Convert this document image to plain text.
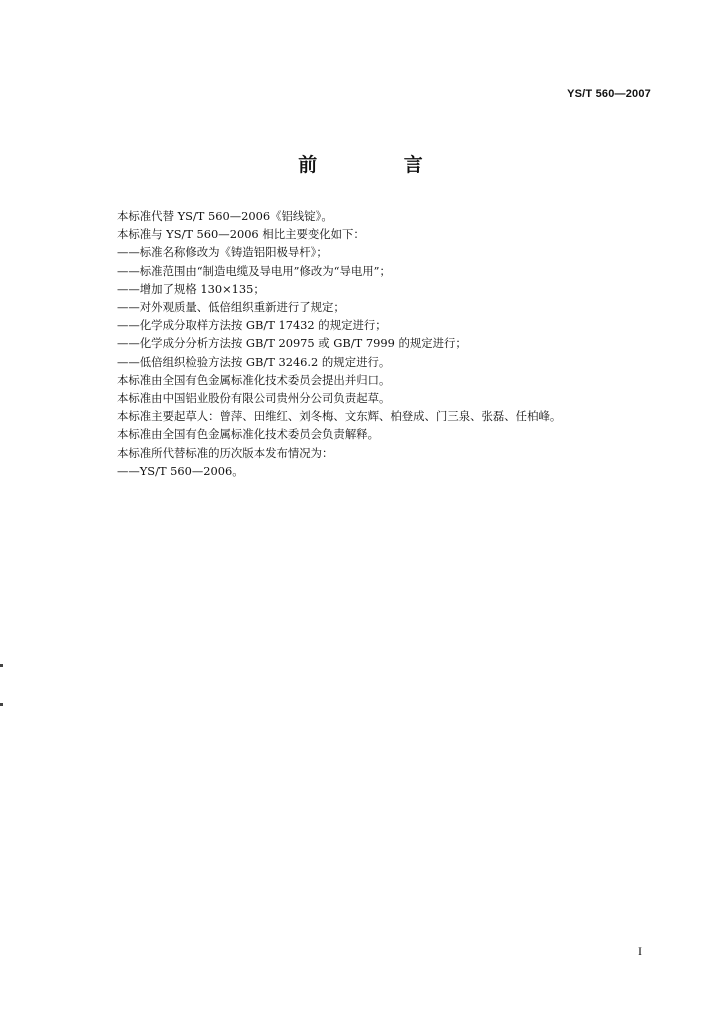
YS/T 560—2007
前 言
本标准代替 YS/T 560—2006《铝线锭》。
本标准与 YS/T 560—2006 相比主要变化如下：
——标准名称修改为《铸造铝阳极导杆》；
——标准范围由“制造电缆及导电用”修改为“导电用”；
——增加了规格 130×135；
——对外观质量、低倍组织重新进行了规定；
——化学成分取样方法按 GB/T 17432 的规定进行；
——化学成分分析方法按 GB/T 20975 或 GB/T 7999 的规定进行；
——低倍组织检验方法按 GB/T 3246.2 的规定进行。
本标准由全国有色金属标准化技术委员会提出并归口。
本标准由中国铝业股份有限公司贵州分公司负责起草。
本标准主要起草人：曾萍、田维红、刘冬梅、文东辉、柏登成、门三泉、张磊、任柏峰。
本标准由全国有色金属标准化技术委员会负责解释。
本标准所代替标准的历次版本发布情况为：
——YS/T 560—2006。
I
